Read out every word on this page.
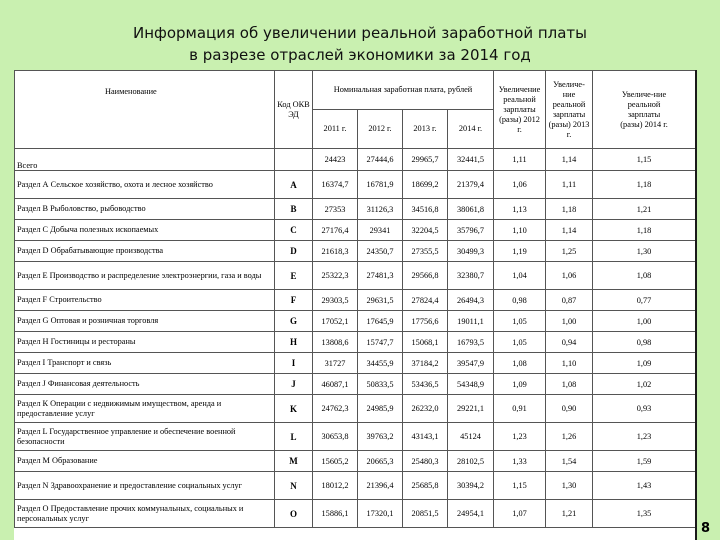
Информация об увеличении реальной заработной платы
в разрезе отраслей экономики за 2014 год
Наименование	Код ОКВ ЭД	Номинальная заработная плата, рублей				Увеличение реальной зарплаты (разы) 2012 г.	Увеличе-ние реальной зарплаты (разы) 2013 г.	Увеличе-ние реальной зарплаты (разы) 2014 г.
		2011 г.	2012 г.	2013 г.	2014 г.			
Всего		24423	27444,6	29965,7	32441,5	1,11	1,14	1,15
Раздел А Сельское хозяйство, охота и лесное хозяйство	A	16374,7	16781,9	18699,2	21379,4	1,06	1,11	1,18
Раздел В Рыболовство, рыбоводство	B	27353	31126,3	34516,8	38061,8	1,13	1,18	1,21
Раздел С Добыча полезных ископаемых	C	27176,4	29341	32204,5	35796,7	1,10	1,14	1,18
Раздел D Обрабатывающие производства	D	21618,3	24350,7	27355,5	30499,3	1,19	1,25	1,30
Раздел Е Производство и распределение электроэнергии, газа и воды	E	25322,3	27481,3	29566,8	32380,7	1,04	1,06	1,08
Раздел F Строительство	F	29303,5	29631,5	27824,4	26494,3	0,98	0,87	0,77
Раздел G Оптовая и розничная торговля	G	17052,1	17645,9	17756,6	19011,1	1,05	1,00	1,00
Раздел Н Гостиницы и рестораны	H	13808,6	15747,7	15068,1	16793,5	1,05	0,94	0,98
Раздел I Транспорт и связь	I	31727	34455,9	37184,2	39547,9	1,08	1,10	1,09
Раздел J Финансовая деятельность	J	46087,1	50833,5	53436,5	54348,9	1,09	1,08	1,02
Раздел К Операции с недвижимым имуществом, аренда и предоставление услуг	K	24762,3	24985,9	26232,0	29221,1	0,91	0,90	0,93
Раздел L Государственное управление и обеспечение военной безопасности	L	30653,8	39763,2	43143,1	45124	1,23	1,26	1,23
Раздел М Образование	M	15605,2	20665,3	25480,3	28102,5	1,33	1,54	1,59
Раздел N Здравоохранение и предоставление социальных услуг	N	18012,2	21396,4	25685,8	30394,2	1,15	1,30	1,43
Раздел О Предоставление прочих коммунальных, социальных и персональных услуг	O	15886,1	17320,1	20851,5	24954,1	1,07	1,21	1,35
8
